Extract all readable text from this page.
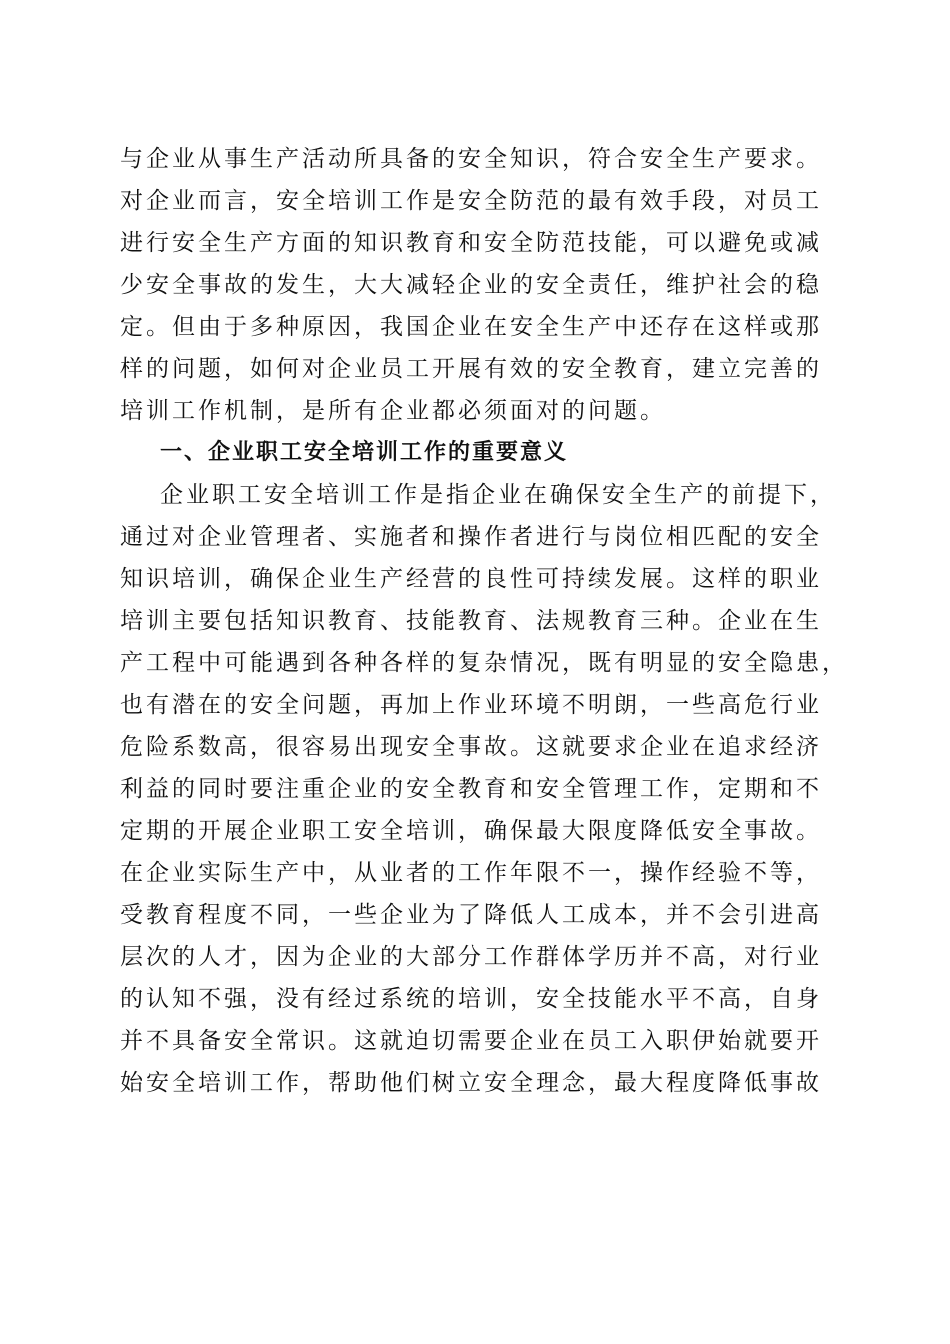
与企业从事生产活动所具备的安全知识，符合安全生产要求。
对企业而言，安全培训工作是安全防范的最有效手段，对员工
进行安全生产方面的知识教育和安全防范技能，可以避免或减
少安全事故的发生，大大减轻企业的安全责任，维护社会的稳
定。但由于多种原因，我国企业在安全生产中还存在这样或那
样的问题，如何对企业员工开展有效的安全教育，建立完善的
培训工作机制，是所有企业都必须面对的问题。
一、企业职工安全培训工作的重要意义
企业职工安全培训工作是指企业在确保安全生产的前提下，
通过对企业管理者、实施者和操作者进行与岗位相匹配的安全
知识培训，确保企业生产经营的良性可持续发展。这样的职业
培训主要包括知识教育、技能教育、法规教育三种。企业在生
产工程中可能遇到各种各样的复杂情况，既有明显的安全隐患，
也有潜在的安全问题，再加上作业环境不明朗，一些高危行业
危险系数高，很容易出现安全事故。这就要求企业在追求经济
利益的同时要注重企业的安全教育和安全管理工作，定期和不
定期的开展企业职工安全培训，确保最大限度降低安全事故。
在企业实际生产中，从业者的工作年限不一，操作经验不等，
受教育程度不同，一些企业为了降低人工成本，并不会引进高
层次的人才，因为企业的大部分工作群体学历并不高，对行业
的认知不强，没有经过系统的培训，安全技能水平不高，自身
并不具备安全常识。这就迫切需要企业在员工入职伊始就要开
始安全培训工作，帮助他们树立安全理念，最大程度降低事故
